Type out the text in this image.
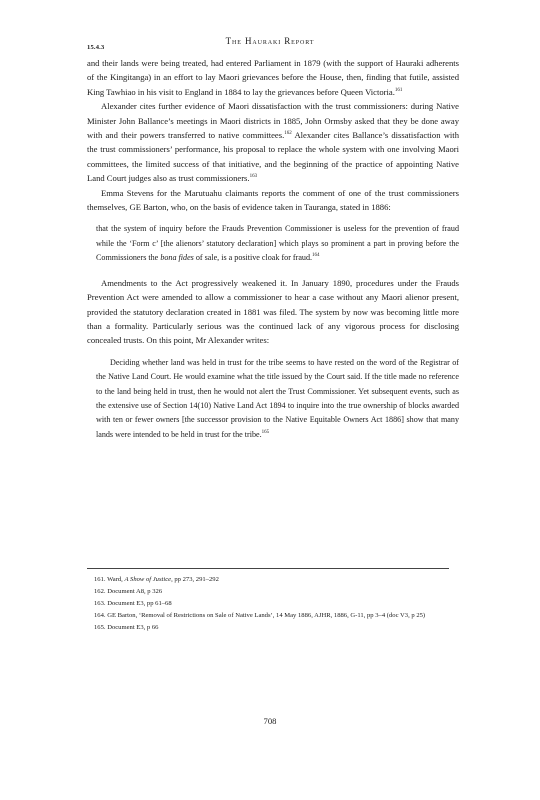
15.4.3
The Hauraki Report

and their lands were being treated, had entered Parliament in 1879 (with the support of Hauraki adherents of the Kingitanga) in an effort to lay Maori grievances before the House, then, finding that futile, assisted King Tawhiao in his visit to England in 1884 to lay the grievances before Queen Victoria.$^{161}$

Alexander cites further evidence of Maori dissatisfaction with the trust commissioners: during Native Minister John Ballance’s meetings in Maori districts in 1885, John Ormsby asked that they be done away with and their powers transferred to native committees.$^{162}$ Alexander cites Ballance’s dissatisfaction with the trust commissioners’ performance, his proposal to replace the whole system with one involving Maori committees, the limited success of that initiative, and the beginning of the practice of appointing Native Land Court judges also as trust commissioners.$^{163}$

Emma Stevens for the Marutuahu claimants reports the comment of one of the trust commissioners themselves, GE Barton, who, on the basis of evidence taken in Tauranga, stated in 1886:

that the system of inquiry before the Frauds Prevention Commissioner is useless for the prevention of fraud while the ‘Form c’ [the alienors’ statutory declaration] which plays so prominent a part in proving before the Commissioners the bona fides of sale, is a positive cloak for fraud.$^{164}$

Amendments to the Act progressively weakened it. In January 1890, procedures under the Frauds Prevention Act were amended to allow a commissioner to hear a case without any Maori alienor present, provided the statutory declaration created in 1881 was filed. The system by now was becoming little more than a formality. Particularly serious was the continued lack of any vigorous process for disclosing concealed trusts. On this point, Mr Alexander writes:

Deciding whether land was held in trust for the tribe seems to have rested on the word of the Registrar of the Native Land Court. He would examine what the title issued by the Court said. If the title made no reference to the land being held in trust, then he would not alert the Trust Commissioner. Yet subsequent events, such as the extensive use of Section 14(10) Native Land Act 1894 to inquire into the true ownership of blocks awarded with ten or fewer owners [the successor provision to the Native Equitable Owners Act 1886] show that many lands were intended to be held in trust for the tribe.$^{165}$

161. Ward, A Show of Justice, pp 273, 291–292
162. Document A8, p 326
163. Document E3, pp 61–68
164. GE Barton, ‘Removal of Restrictions on Sale of Native Lands’, 14 May 1886, AJHR, 1886, G-11, pp 3–4 (doc V3, p 25)
165. Document E3, p 66
708
